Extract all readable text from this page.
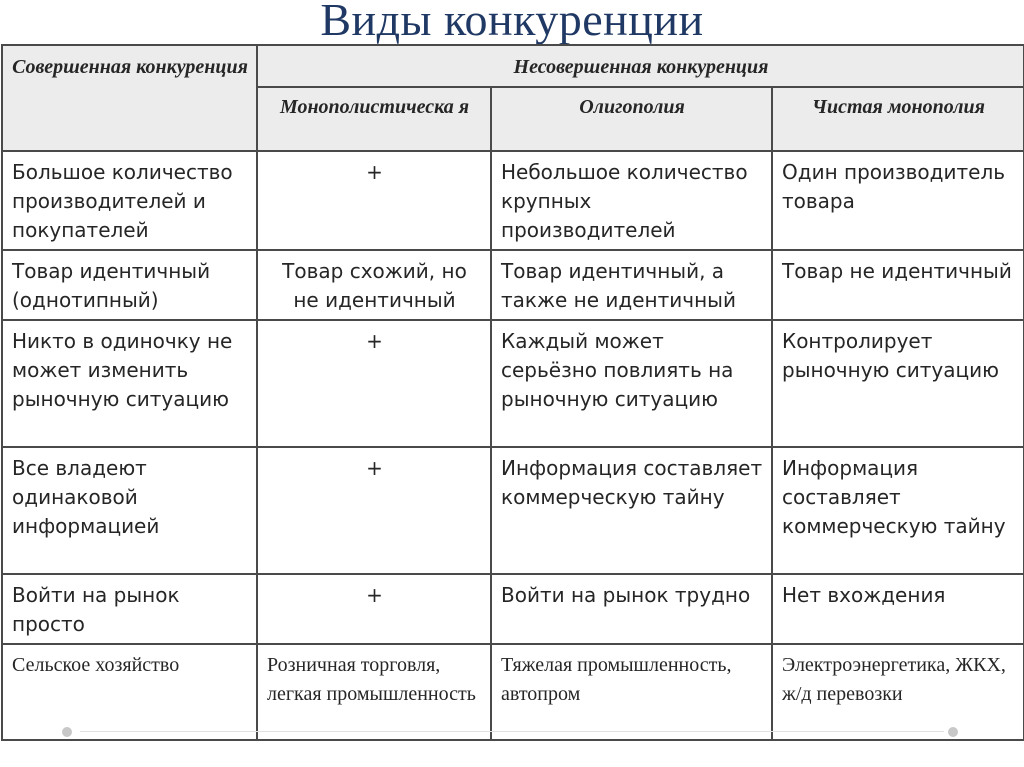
Виды конкуренции
Совершенная конкуренция	Несовершенная конкуренция		
	Монополистическа я	Олигополия	Чистая монополия
Большое количество производителей и покупателей	+	Небольшое количество крупных производителей	Один производитель товара
Товар идентичный (однотипный)	Товар схожий, но не идентичный	Товар идентичный, а также не идентичный	Товар не идентичный
Никто в одиночку не может изменить рыночную ситуацию	+	Каждый может серьёзно повлиять на рыночную ситуацию	Контролирует рыночную ситуацию
Все владеют одинаковой информацией	+	Информация составляет коммерческую тайну	Информация составляет коммерческую тайну
Войти на рынок просто	+	Войти на рынок трудно	Нет вхождения
Сельское хозяйство	Розничная торговля, легкая промышленность	Тяжелая промышленность, автопром	Электроэнергетика, ЖКХ, ж/д перевозки
